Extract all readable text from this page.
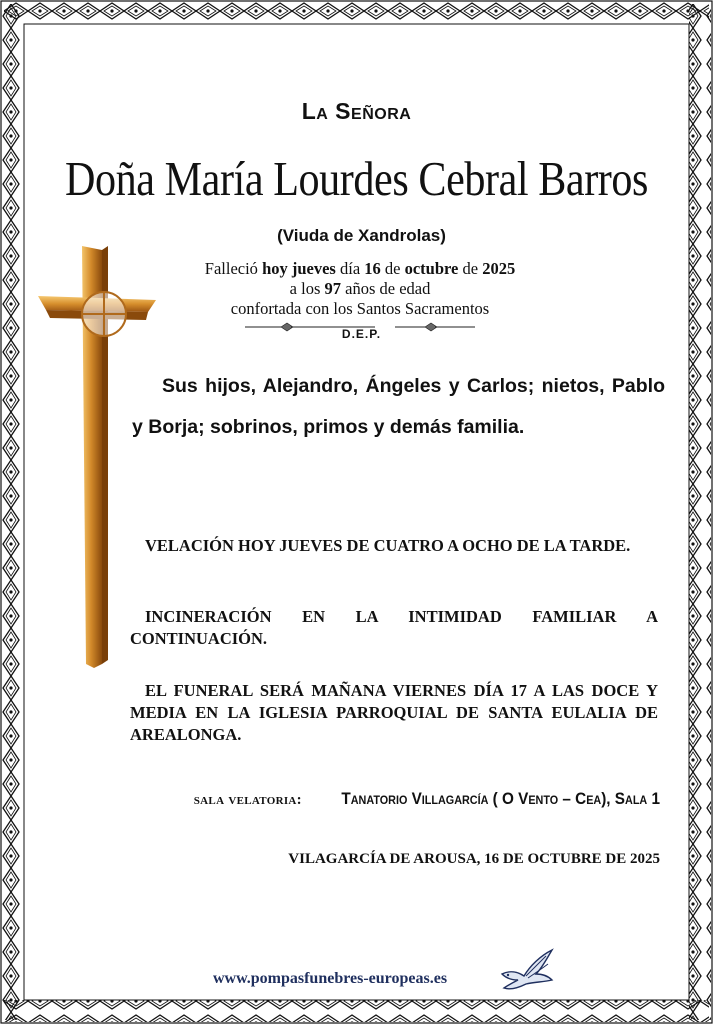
La Señora
Doña María Lourdes Cebral Barros
(Viuda de Xandrolas)
Falleció hoy jueves día 16 de octubre de 2025
a los 97 años de edad
confortada con los Santos Sacramentos
D.E.P.
Sus hijos, Alejandro, Ángeles y Carlos; nietos, Pablo y Borja; sobrinos, primos y demás familia.
VELACIÓN HOY JUEVES DE CUATRO A OCHO DE LA TARDE.
INCINERACIÓN EN LA INTIMIDAD FAMILIAR A CONTINUACIÓN.
EL FUNERAL SERÁ MAÑANA VIERNES DÍA 17 A LAS DOCE Y MEDIA EN LA IGLESIA PARROQUIAL DE SANTA EULALIA DE AREALONGA.
sala velatoria: Tanatorio Villagarcía ( O Vento – Cea), Sala 1
VILAGARCÍA DE AROUSA, 16 DE OCTUBRE DE 2025
www.pompasfunebres-europeas.es
